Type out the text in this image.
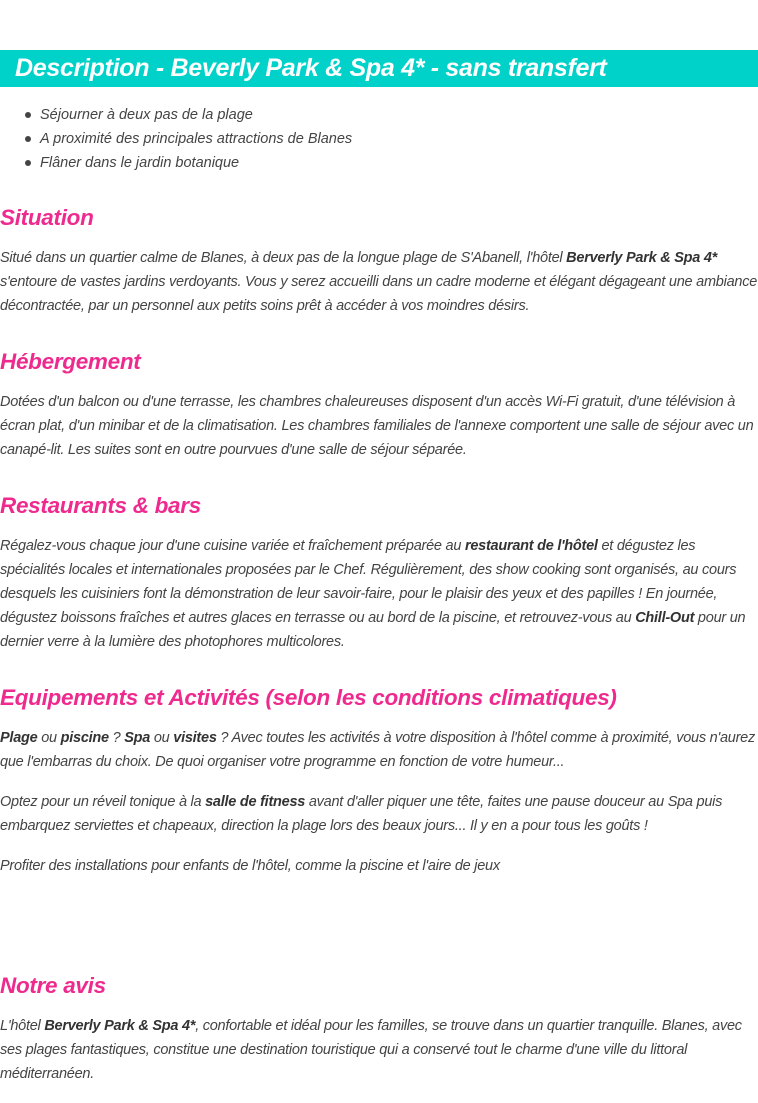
Description - Beverly Park & Spa 4* - sans transfert
Séjourner à deux pas de la plage
A proximité des principales attractions de Blanes
Flâner dans le jardin botanique
Situation

Situé dans un quartier calme de Blanes, à deux pas de la longue plage de S'Abanell, l'hôtel Berverly Park & Spa 4* s'entoure de vastes jardins verdoyants. Vous y serez accueilli dans un cadre moderne et élégant dégageant une ambiance décontractée, par un personnel aux petits soins prêt à accéder à vos moindres désirs.

Hébergement

Dotées d'un balcon ou d'une terrasse, les chambres chaleureuses disposent d'un accès Wi-Fi gratuit, d'une télévision à écran plat, d'un minibar et de la climatisation. Les chambres familiales de l'annexe comportent une salle de séjour avec un canapé-lit. Les suites sont en outre pourvues d'une salle de séjour séparée.

Restaurants & bars

Régalez-vous chaque jour d'une cuisine variée et fraîchement préparée au restaurant de l'hôtel et dégustez les spécialités locales et internationales proposées par le Chef. Régulièrement, des show cooking sont organisés, au cours desquels les cuisiniers font la démonstration de leur savoir-faire, pour le plaisir des yeux et des papilles ! En journée, dégustez boissons fraîches et autres glaces en terrasse ou au bord de la piscine, et retrouvez-vous au Chill-Out pour un dernier verre à la lumière des photophores multicolores.

Equipements et Activités (selon les conditions climatiques)

Plage ou piscine ? Spa ou visites ? Avec toutes les activités à votre disposition à l'hôtel comme à proximité, vous n'aurez que l'embarras du choix. De quoi organiser votre programme en fonction de votre humeur...

Optez pour un réveil tonique à la salle de fitness avant d'aller piquer une tête, faites une pause douceur au Spa puis embarquez serviettes et chapeaux, direction la plage lors des beaux jours... Il y en a pour tous les goûts !

Profiter des installations pour enfants de l'hôtel, comme la piscine et l'aire de jeux

Notre avis

L'hôtel Berverly Park & Spa 4*, confortable et idéal pour les familles, se trouve dans un quartier tranquille. Blanes, avec ses plages fantastiques, constitue une destination touristique qui a conservé tout le charme d'une ville du littoral méditerranéen.
